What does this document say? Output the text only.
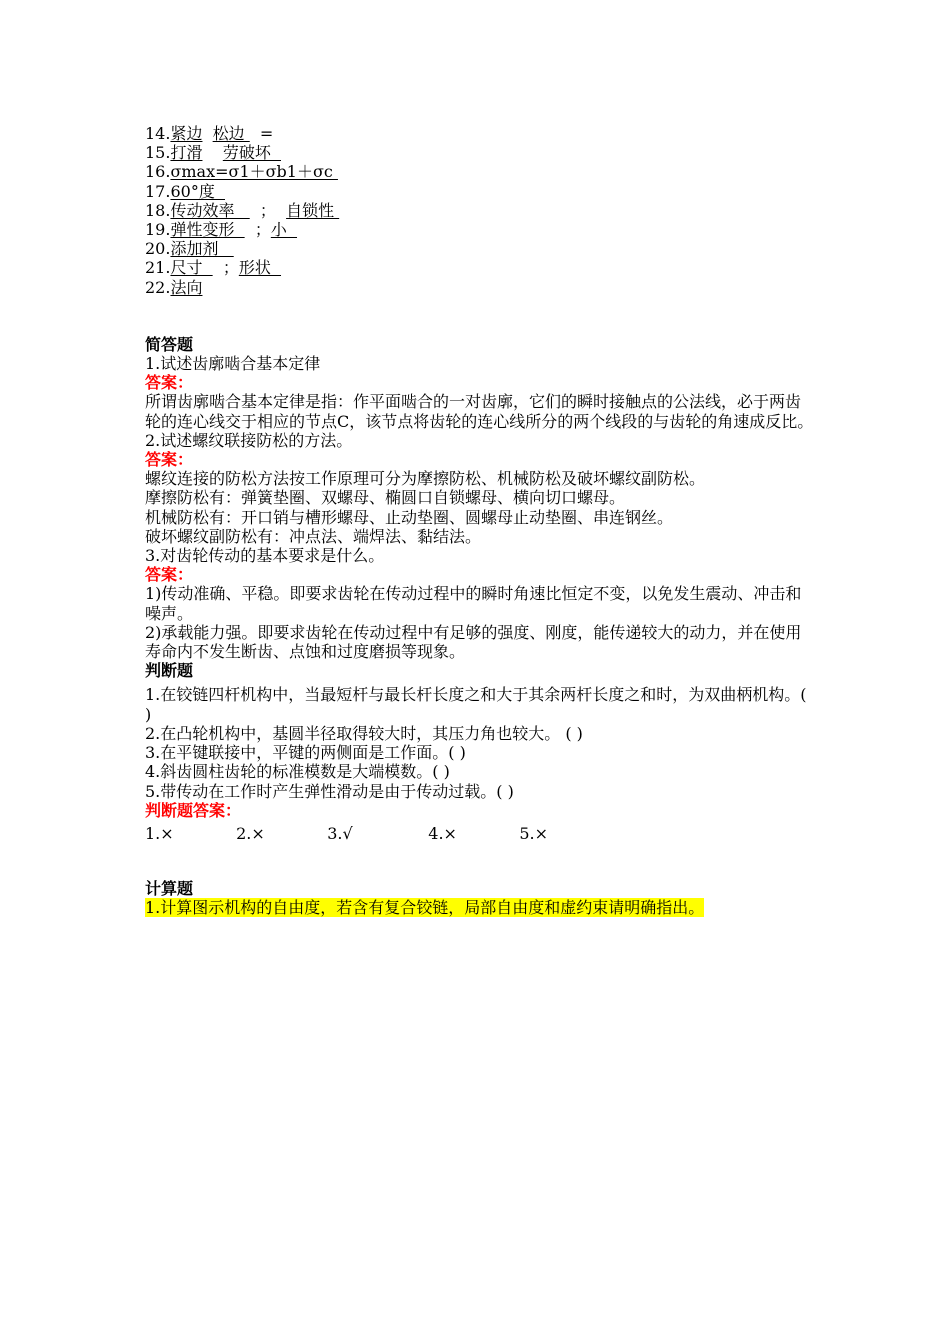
14.紧边 松边   =
15.打滑 劳破坏
16.σmax=σ1＋σb1＋σc
17.60°度
18.传动效率     ；  自锁性
19.弹性变形    ；小
20.添加剂
21.尺寸    ；形状
22.法向
简答题
1.试述齿廓啮合基本定律
答案：
所谓齿廓啮合基本定律是指：作平面啮合的一对齿廓，它们的瞬时接触点的公法线，必于两齿轮的连心线交于相应的节点C，该节点将齿轮的连心线所分的两个线段的与齿轮的角速成反比。
2.试述螺纹联接防松的方法。
答案：
螺纹连接的防松方法按工作原理可分为摩擦防松、机械防松及破坏螺纹副防松。
摩擦防松有：弹簧垫圈、双螺母、椭圆口自锁螺母、横向切口螺母。
机械防松有：开口销与槽形螺母、止动垫圈、圆螺母止动垫圈、串连钢丝。
破坏螺纹副防松有：冲点法、端焊法、黏结法。
3.对齿轮传动的基本要求是什么。
答案：
1)传动准确、平稳。即要求齿轮在传动过程中的瞬时角速比恒定不变，以免发生震动、冲击和噪声。
2)承载能力强。即要求齿轮在传动过程中有足够的强度、刚度，能传递较大的动力，并在使用寿命内不发生断齿、点蚀和过度磨损等现象。
判断题
1.在铰链四杆机构中，当最短杆与最长杆长度之和大于其余两杆长度之和时，为双曲柄机构。( )
2.在凸轮机构中，基圆半径取得较大时，其压力角也较大。 ( )
3.在平键联接中，平键的两侧面是工作面。( )
4.斜齿圆柱齿轮的标准模数是大端模数。( )
5.带传动在工作时产生弹性滑动是由于传动过载。( )
判断题答案：
1.×	2.×	3.√	4.×	5.×
计算题
1.计算图示机构的自由度，若含有复合铰链，局部自由度和虚约束请明确指出。
